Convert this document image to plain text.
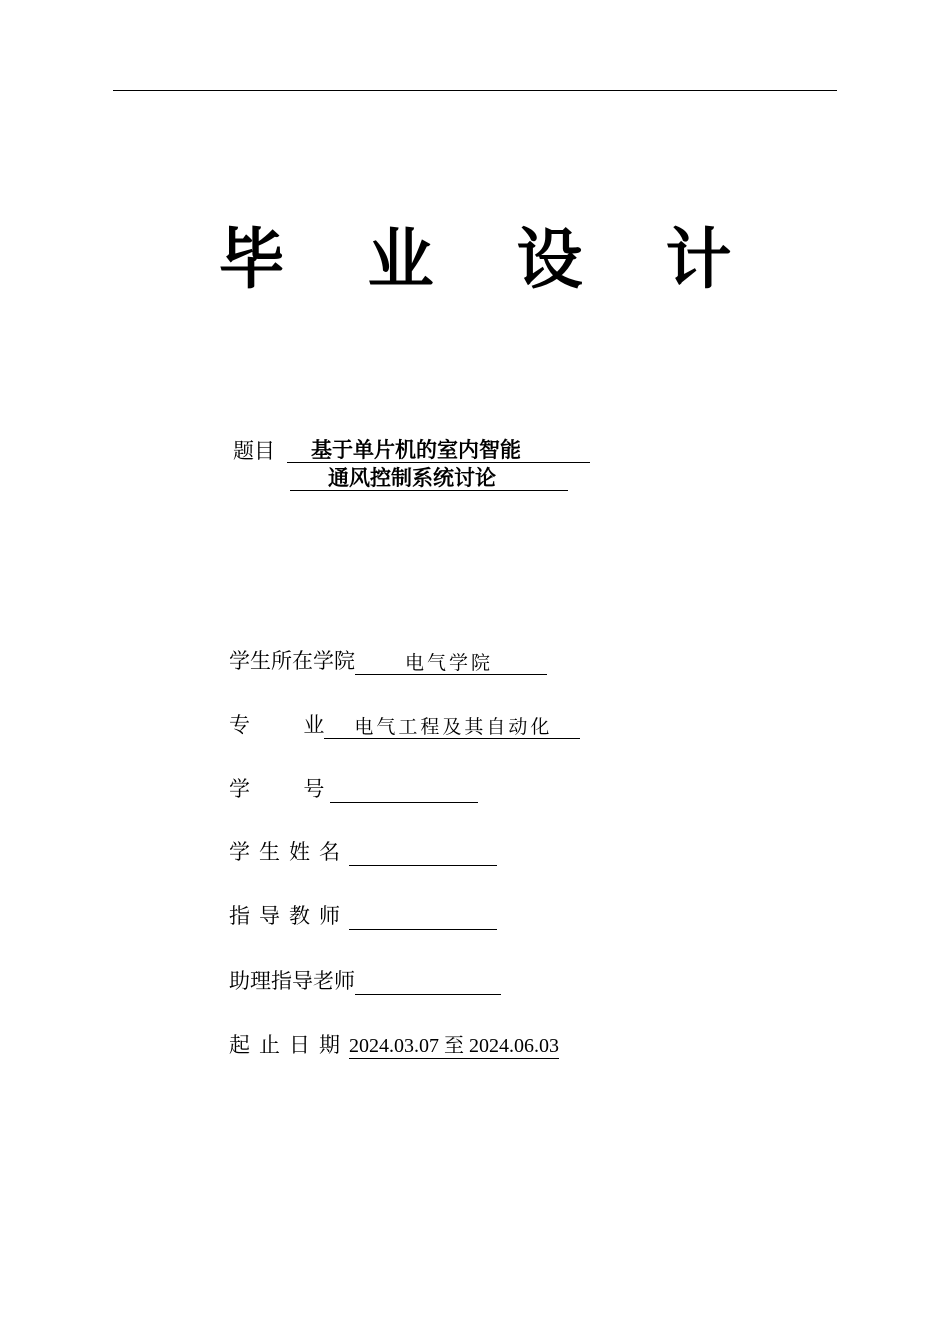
毕 业 设 计
题目	基于单片机的室内智能
通风控制系统讨论
学生所在学院	电气学院
专        业 电气工程及其自动化
学        号
学生姓名
指导教师
助理指导老师
起止日期2024.03.07 至 2024.06.03
